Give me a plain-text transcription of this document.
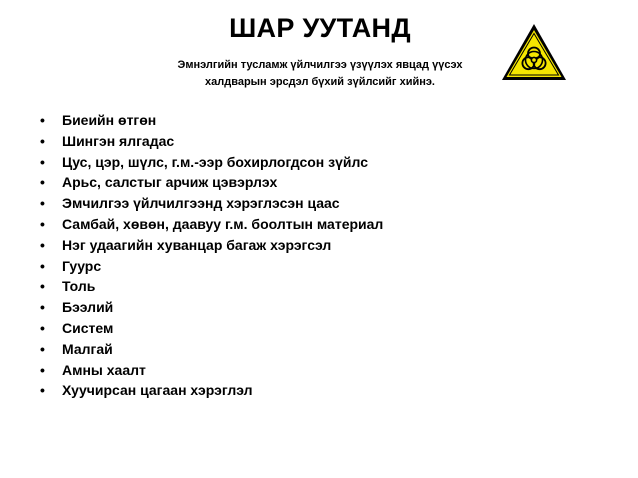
ШАР УУТАНД
Эмнэлгийн тусламж үйлчилгээ үзүүлэх явцад үүсэх
халдварын эрсдэл бүхий зүйлсийг хийнэ.
• Биеийн өтгөн
• Шингэн ялгадас
• Цус, цэр, шүлс, г.м.-ээр бохирлогдсон зүйлс
• Арьс, салстыг арчиж цэвэрлэх
• Эмчилгээ үйлчилгээнд хэрэглэсэн цаас
• Самбай, хөвөн, даавуу г.м. боолтын материал
• Нэг удаагийн хуванцар багаж хэрэгсэл
• Гуурс
• Толь
• Бээлий
• Систем
• Малгай
• Амны хаалт
• Хуучирсан цагаан хэрэглэл
